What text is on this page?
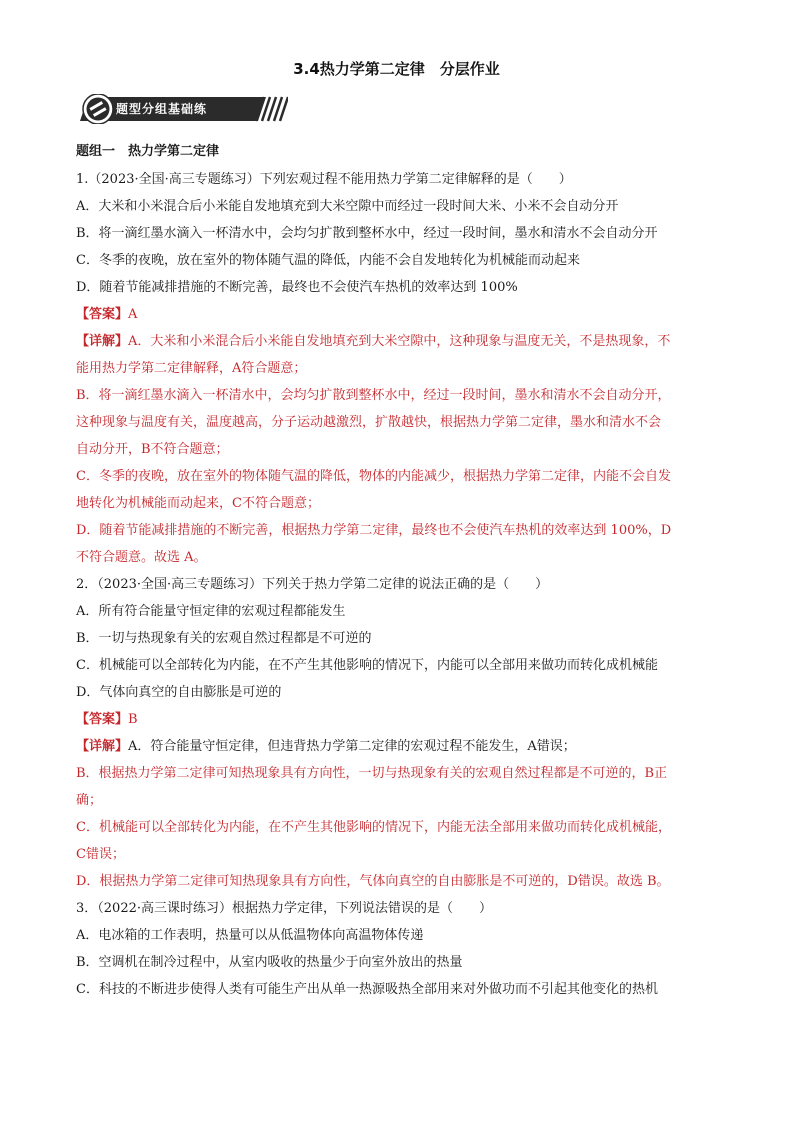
3.4热力学第二定律　分层作业
题型分组基础练
题组一　热力学第二定律
1.（2023·全国·高三专题练习）下列宏观过程不能用热力学第二定律解释的是（　　）
A．大米和小米混合后小米能自发地填充到大米空隙中而经过一段时间大米、小米不会自动分开
B．将一滴红墨水滴入一杯清水中，会均匀扩散到整杯水中，经过一段时间，墨水和清水不会自动分开
C．冬季的夜晚，放在室外的物体随气温的降低，内能不会自发地转化为机械能而动起来
D．随着节能减排措施的不断完善，最终也不会使汽车热机的效率达到 100%
【答案】A
【详解】A．大米和小米混合后小米能自发地填充到大米空隙中，这种现象与温度无关，不是热现象，不
能用热力学第二定律解释，A符合题意；
B．将一滴红墨水滴入一杯清水中，会均匀扩散到整杯水中，经过一段时间，墨水和清水不会自动分开，
这种现象与温度有关，温度越高，分子运动越激烈，扩散越快，根据热力学第二定律，墨水和清水不会
自动分开，B不符合题意；
C．冬季的夜晚，放在室外的物体随气温的降低，物体的内能减少，根据热力学第二定律，内能不会自发
地转化为机械能而动起来，C不符合题意；
D．随着节能减排措施的不断完善，根据热力学第二定律，最终也不会使汽车热机的效率达到 100%，D
不符合题意。故选 A。
2．（2023·全国·高三专题练习）下列关于热力学第二定律的说法正确的是（　　）
A．所有符合能量守恒定律的宏观过程都能发生
B．一切与热现象有关的宏观自然过程都是不可逆的
C．机械能可以全部转化为内能，在不产生其他影响的情况下，内能可以全部用来做功而转化成机械能
D．气体向真空的自由膨胀是可逆的
【答案】B
【详解】A．符合能量守恒定律，但违背热力学第二定律的宏观过程不能发生，A错误；
B．根据热力学第二定律可知热现象具有方向性，一切与热现象有关的宏观自然过程都是不可逆的，B正
确；
C．机械能可以全部转化为内能，在不产生其他影响的情况下，内能无法全部用来做功而转化成机械能，
C错误；
D．根据热力学第二定律可知热现象具有方向性，气体向真空的自由膨胀是不可逆的，D错误。故选 B。
3．（2022·高三课时练习）根据热力学定律，下列说法错误的是（　　）
A．电冰箱的工作表明，热量可以从低温物体向高温物体传递
B．空调机在制冷过程中，从室内吸收的热量少于向室外放出的热量
C．科技的不断进步使得人类有可能生产出从单一热源吸热全部用来对外做功而不引起其他变化的热机
